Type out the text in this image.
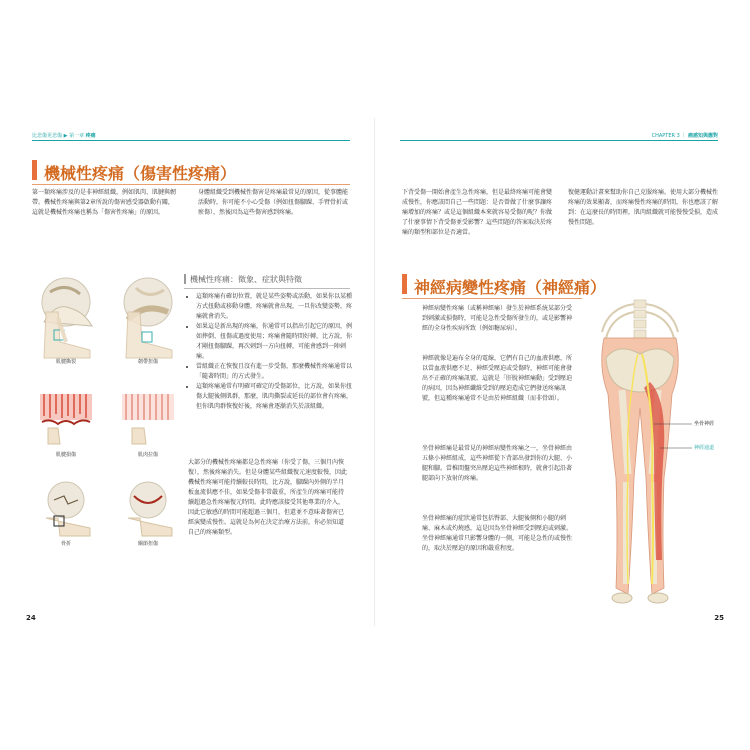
比悲傷更悲傷 ▶ 第一章 疼痛
機械性疼痛（傷害性疼痛）
第一類疼痛涉及的是非神經組織，例如肌肉、肌腱與韌帶。機械性疼痛與第2章所說的傷害感受器啟動有關，這就是機械性疼痛也稱為「傷害性疼痛」的原因。
身體組織受到機械性傷害是疼痛最常見的原因，從事體能活動時，你可能不小心受傷（例如扭傷腳踝、手臂骨折或瘀傷），然後因為這些傷害感到疼痛。
肌腱撕裂	韌帶扭傷
肌腱損傷	肌肉拉傷
骨折	關節扭傷
機械性疼痛：徵象、症狀與特徵
• 這類疼痛有確切位置，就是某些姿勢或活動，如果你以某種方式扭動或移動身體，疼痛就會出現，一旦你改變姿勢，疼痛就會消失。
• 如果這是新出現的疼痛，你通常可以指出引起它的原因，例如摔倒、扭傷或過度使用；疼痛會隨時間好轉，比方說，你才剛扭傷腳踝，再次刺到一方向扭轉，可能會感到一陣刺痛。
• 當組織正在恢復且沒有進一步受傷，那麼機械性疼痛通常以「隨著時間」的方式發生。
• 這類疼痛通常有明確可確定的受傷部位，比方說，如果你扭傷大腿後側肌群，那麼，肌肉撕裂或延長的部位會有疼痛，但你肌肉群恢復好後，疼痛會逐漸消失於該組織。
大部分的機械性疼痛都是急性疼痛（你受了傷，三個月內恢復），然後疼痛消失。但是身體某些組織復元速度較慢，因此機械性疼痛可能持續較長時間，比方說，腳踝內外側的半月板血流供應不佳，如果受傷非常嚴重，所產生的疼痛可能持續超過急性疼痛復元時間。此時應該接受其他專業的介入，因此它敏感的時間可能超過三個月，但還並不意味著傷害已經演變成慢性。這就是為何在決定治療方法前，你必須知道自己的疼痛類型。
24
CHAPTER 3 ｜ 痛感知與應對
下背受傷一開始會產生急性疼痛，但是最終疼痛可能會變成慢性，你應該問自己一些問題：是否曾做了什麼事讓疼痛增加的疼痛？或是這個組織本來就容易受傷的呢？你做了什麼事情下背受傷並受影響？這些問題的答案取決於疼痛的類型和部位是否適當。
復健運動計畫來幫助你自己克服疼痛。使用大部分機械性疼痛的效果顯著，而疼痛慢性疼痛的時間，你也應該了解到：在這麼長的時間裡，肌肉組織就可能慢慢受損，造成慢性問題。
神經病變性疼痛（神經痛）
神經病變性疼痛（或稱神經痛）發生於神經系統某部分受到刺激或損傷時，可能是急性受傷所發生的，或是影響神經的全身性疾病所致（例如糖尿病）。
神經就像是遍布全身的電線，它們有自己的血液供應，所以當血液供應不足、神經受壓迫或受傷時，神經可能會發出不正確的疼痛訊號。這就是「肝脫神經痛動」受到壓迫的病因，因為神經纖維受到的壓迫造成它們發送疼痛訊號，但這種疼痛通常不是由於神經組織（而非骨頭）。
坐骨神經痛是最常見的神經病變性疼痛之一，坐骨神經由五條小神經組成，這些神經從下背部出發到你的大腿、小腿和腳。當椎間盤突出壓迫這些神經根時，就會引起沿著腿部向下放射的疼痛。
坐骨神經痛的症狀通常包括臀部、大腿後側和小腿的刺痛、麻木或灼燒感，這是因為坐骨神經受到壓迫或刺激。坐骨神經痛通常只影響身體的一側，可能是急性的或慢性的，取決於壓迫的原因和嚴重程度。
坐骨神經
神經通道
25
